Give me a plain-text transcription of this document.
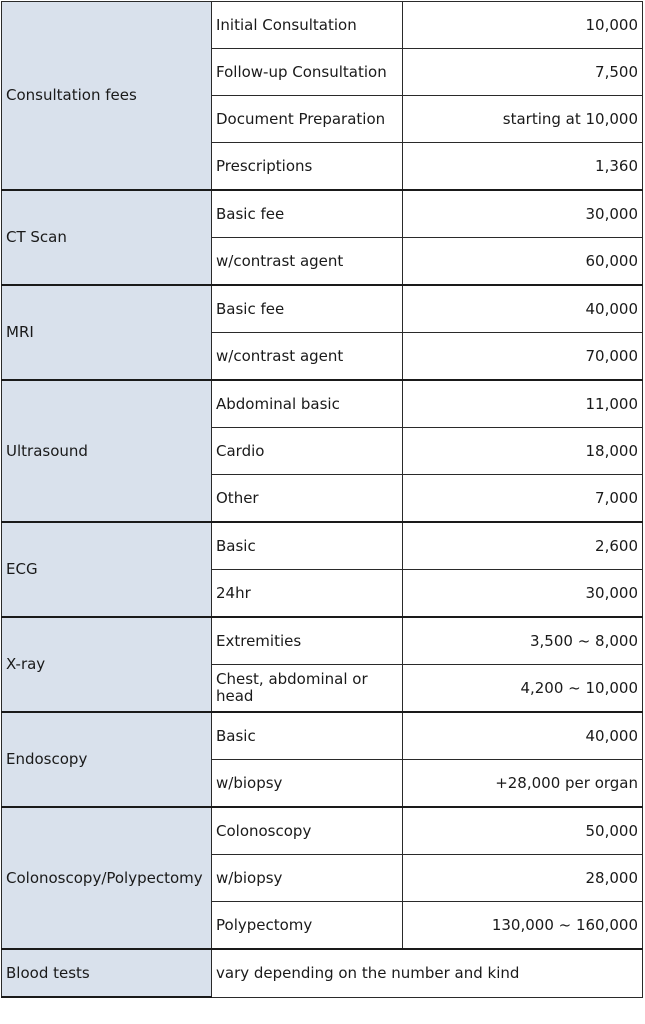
Consultation fees	Initial Consultation	10,000
	Follow-up Consultation	7,500
	Document Preparation	starting at 10,000
	Prescriptions	1,360
CT Scan	Basic fee	30,000
	w/contrast agent	60,000
MRI	Basic fee	40,000
	w/contrast agent	70,000
Ultrasound	Abdominal basic	11,000
	Cardio	18,000
	Other	7,000
ECG	Basic	2,600
	24hr	30,000
X-ray	Extremities	3,500 ~ 8,000
	Chest, abdominal or head	4,200 ~ 10,000
Endoscopy	Basic	40,000
	w/biopsy	+28,000 per organ
Colonoscopy/Polypectomy	Colonoscopy	50,000
	w/biopsy	28,000
	Polypectomy	130,000 ~ 160,000
Blood tests	vary depending on the number and kind	
